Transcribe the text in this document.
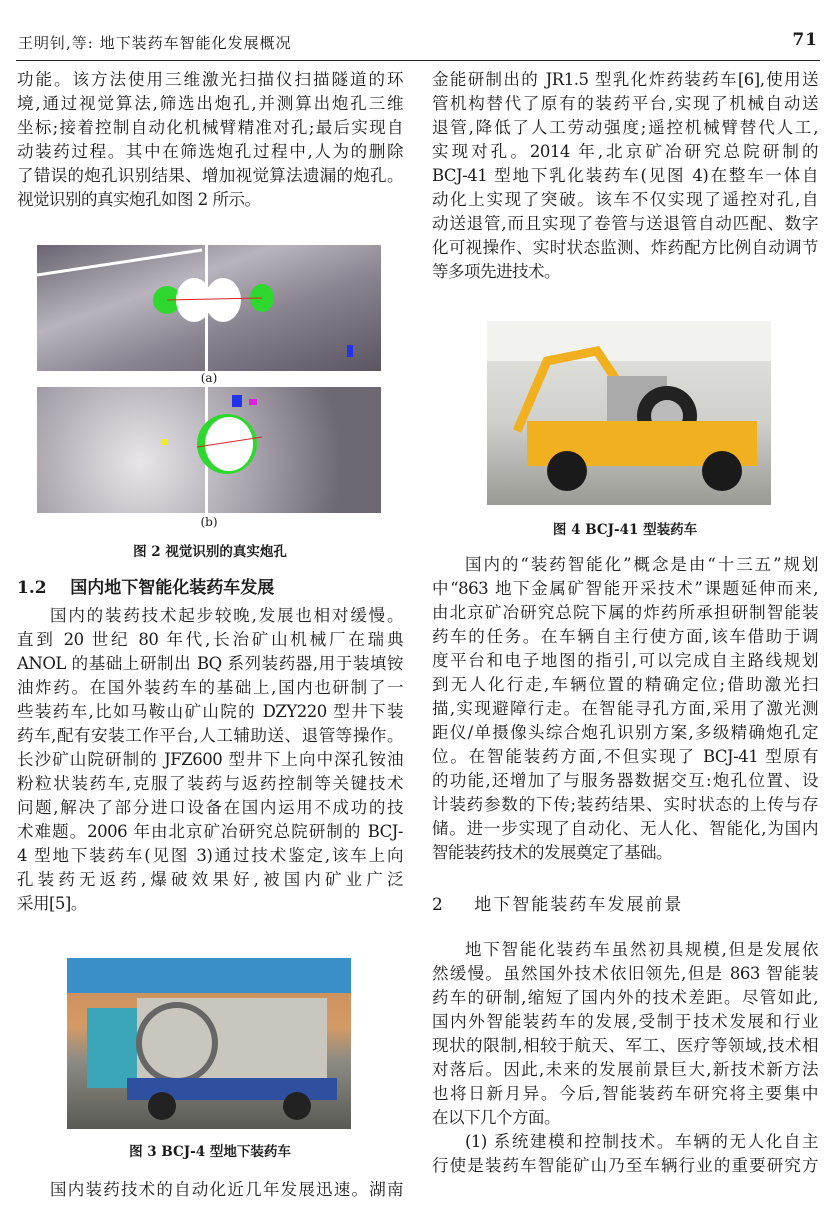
王明钊,等: 地下装药车智能化发展概况	71
功能。该方法使用三维激光扫描仪扫描隧道的环
境,通过视觉算法,筛选出炮孔,并测算出炮孔三维
坐标;接着控制自动化机械臂精准对孔;最后实现自
动装药过程。其中在筛选炮孔过程中,人为的删除
了错误的炮孔识别结果、增加视觉算法遗漏的炮孔。
视觉识别的真实炮孔如图 2 所示。
(a)
(b)
图 2 视觉识别的真实炮孔
1.2    国内地下智能化装药车发展
国内的装药技术起步较晚,发展也相对缓慢。
直到 20 世纪 80 年代,长治矿山机械厂在瑞典
ANOL 的基础上研制出 BQ 系列装药器,用于装填铵
油炸药。在国外装药车的基础上,国内也研制了一
些装药车,比如马鞍山矿山院的 DZY220 型井下装
药车,配有安装工作平台,人工辅助送、退管等操作。
长沙矿山院研制的 JFZ600 型井下上向中深孔铵油
粉粒状装药车,克服了装药与返药控制等关键技术
问题,解决了部分进口设备在国内运用不成功的技
术难题。2006 年由北京矿冶研究总院研制的 BCJ-
4 型地下装药车(见图 3)通过技术鉴定,该车上向
孔装药无返药,爆破效果好,被国内矿业广泛
采用[5]。
图 3 BCJ-4 型地下装药车
国内装药技术的自动化近几年发展迅速。湖南
金能研制出的 JR1.5 型乳化炸药装药车[6],使用送
管机构替代了原有的装药平台,实现了机械自动送
退管,降低了人工劳动强度;遥控机械臂替代人工,
实现对孔。2014 年,北京矿冶研究总院研制的
BCJ-41 型地下乳化装药车(见图 4)在整车一体自
动化上实现了突破。该车不仅实现了遥控对孔,自
动送退管,而且实现了卷管与送退管自动匹配、数字
化可视操作、实时状态监测、炸药配方比例自动调节
等多项先进技术。
图 4 BCJ-41 型装药车
国内的“装药智能化”概念是由“十三五”规划
中“863 地下金属矿智能开采技术”课题延伸而来,
由北京矿冶研究总院下属的炸药所承担研制智能装
药车的任务。在车辆自主行使方面,该车借助于调
度平台和电子地图的指引,可以完成自主路线规划
到无人化行走,车辆位置的精确定位;借助激光扫
描,实现避障行走。在智能寻孔方面,采用了激光测
距仪/单摄像头综合炮孔识别方案,多级精确炮孔定
位。在智能装药方面,不但实现了 BCJ-41 型原有
的功能,还增加了与服务器数据交互:炮孔位置、设
计装药参数的下传;装药结果、实时状态的上传与存
储。进一步实现了自动化、无人化、智能化,为国内
智能装药技术的发展奠定了基础。
2    地下智能装药车发展前景
地下智能化装药车虽然初具规模,但是发展依
然缓慢。虽然国外技术依旧领先,但是 863 智能装
药车的研制,缩短了国内外的技术差距。尽管如此,
国内外智能装药车的发展,受制于技术发展和行业
现状的限制,相较于航天、军工、医疗等领域,技术相
对落后。因此,未来的发展前景巨大,新技术新方法
也将日新月异。今后,智能装药车研究将主要集中
在以下几个方面。
(1) 系统建模和控制技术。车辆的无人化自主
行使是装药车智能矿山乃至车辆行业的重要研究方
